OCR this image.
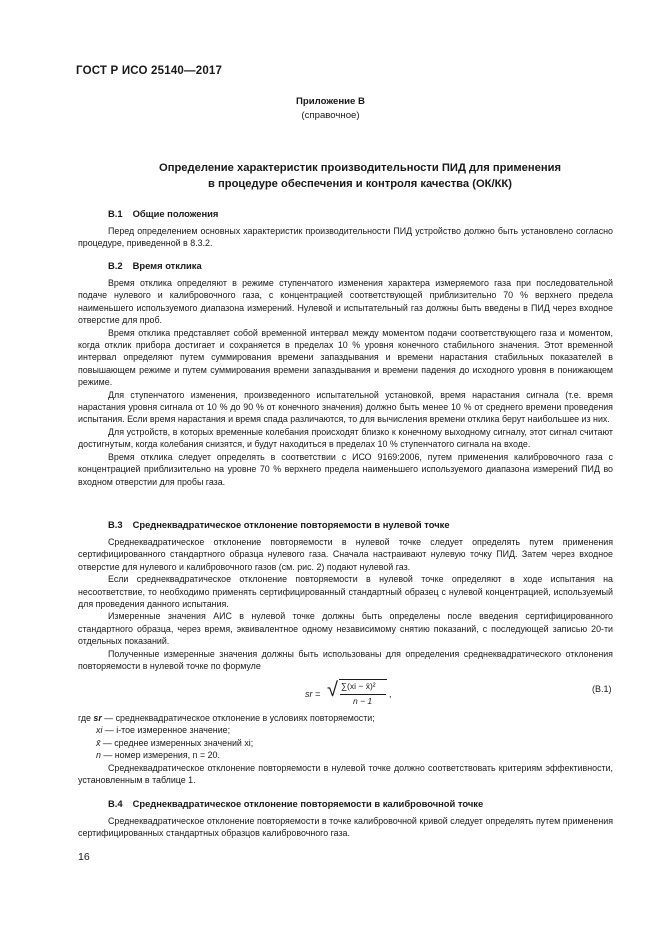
ГОСТ Р ИСО 25140—2017
Приложение В
(справочное)
Определение характеристик производительности ПИД для применения
в процедуре обеспечения и контроля качества (ОК/КК)
В.1 Общие положения

Перед определением основных характеристик производительности ПИД устройство должно быть установлено согласно процедуре, приведенной в 8.3.2.

В.2 Время отклика

Время отклика определяют в режиме ступенчатого изменения характера измеряемого газа при последовательной подаче нулевого и калибровочного газа, с концентрацией соответствующей приблизительно 70 % верхнего предела наименьшего используемого диапазона измерений. Нулевой и испытательный газ должны быть введены в ПИД через входное отверстие для проб.

Время отклика представляет собой временной интервал между моментом подачи соответствующего газа и моментом, когда отклик прибора достигает и сохраняется в пределах 10 % уровня конечного стабильного значения. Этот временной интервал определяют путем суммирования времени запаздывания и времени нарастания стабильных показателей в повышающем режиме и путем суммирования времени запаздывания и времени падения до исходного уровня в понижающем режиме.

Для ступенчатого изменения, произведенного испытательной установкой, время нарастания сигнала (т.е. время нарастания уровня сигнала от 10 % до 90 % от конечного значения) должно быть менее 10 % от среднего времени проведения испытания. Если время нарастания и время спада различаются, то для вычисления времени отклика берут наибольшее из них.

Для устройств, в которых временные колебания происходят близко к конечному выходному сигналу, этот сигнал считают достигнутым, когда колебания снизятся, и будут находиться в пределах 10 % ступенчатого сигнала на входе.

Время отклика следует определять в соответствии с ИСО 9169:2006, путем применения калибровочного газа с концентрацией приблизительно на уровне 70 % верхнего предела наименьшего используемого диапазона измерений ПИД во входном отверстии для пробы газа.

В.3 Среднеквадратическое отклонение повторяемости в нулевой точке

Среднеквадратическое отклонение повторяемости в нулевой точке следует определять путем применения сертифицированного стандартного образца нулевого газа. Сначала настраивают нулевую точку ПИД. Затем через входное отверстие для нулевого и калибровочного газов (см. рис. 2) подают нулевой газ.

Если среднеквадратическое отклонение повторяемости в нулевой точке определяют в ходе испытания на несоответствие, то необходимо применять сертифицированный стандартный образец с нулевой концентрацией, используемый для проведения данного испытания.

Измеренные значения АИС в нулевой точке должны быть определены после введения сертифицированного стандартного образца, через время, эквивалентное одному независимому снятию показаний, с последующей записью 20-ти отдельных показаний.

Полученные измеренные значения должны быть использованы для определения среднеквадратического отклонения повторяемости в нулевой точке по формуле

sr = √ ∑(xi − x̄)²
n − 1
,	(В.1)
где sr — среднеквадратическое отклонение в условиях повторяемости;
xi — i-тое измеренное значение;
x̄ — среднее измеренных значений xi;
n — номер измерения, n = 20.

Среднеквадратическое отклонение повторяемости в нулевой точке должно соответствовать критериям эффективности, установленным в таблице 1.

В.4 Среднеквадратическое отклонение повторяемости в калибровочной точке

Среднеквадратическое отклонение повторяемости в точке калибровочной кривой следует определять путем применения сертифицированных стандартных образцов калибровочного газа.

16
